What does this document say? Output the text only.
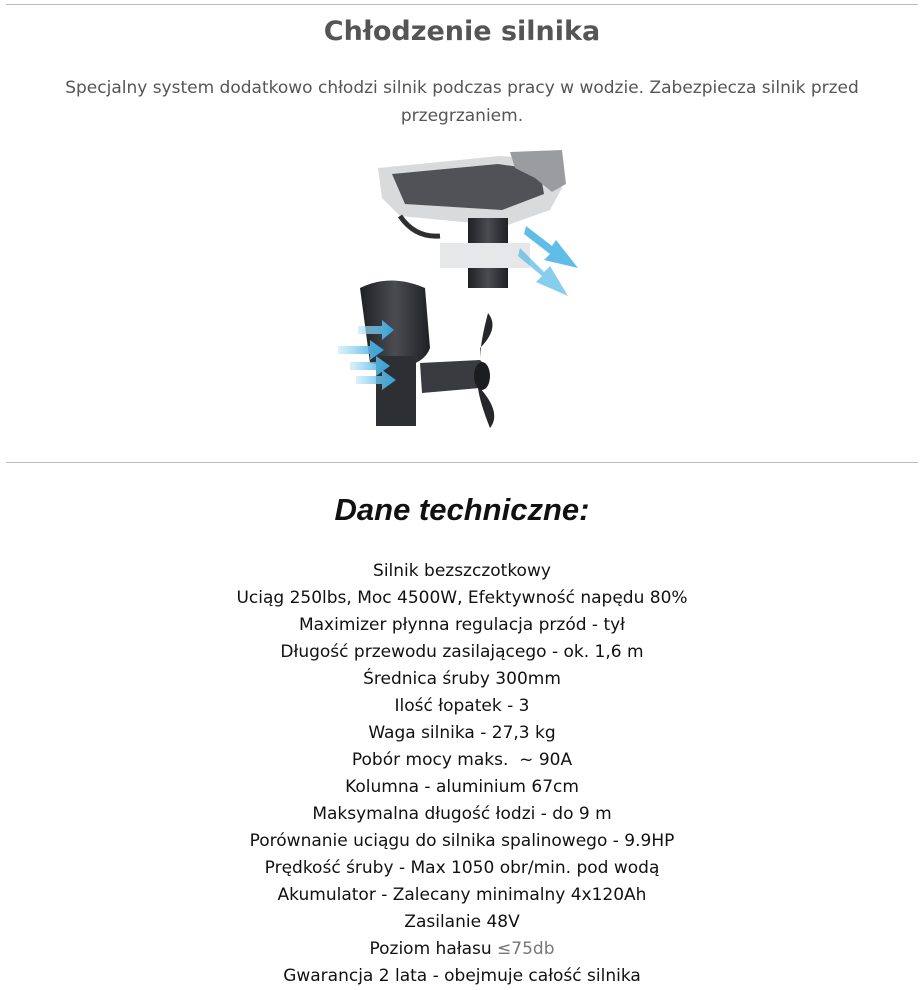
Chłodzenie silnika
Specjalny system dodatkowo chłodzi silnik podczas pracy w wodzie. Zabezpiecza silnik przed przegrzaniem.
Dane techniczne:
Silnik bezszczotkowy
Uciąg 250lbs, Moc 4500W, Efektywność napędu 80%
Maximizer płynna regulacja przód - tył
Długość przewodu zasilającego - ok. 1,6 m
Średnica śruby 300mm
Ilość łopatek - 3
Waga silnika - 27,3 kg
Pobór mocy maks.  ~ 90A
Kolumna - aluminium 67cm
Maksymalna długość łodzi - do 9 m
Porównanie uciągu do silnika spalinowego - 9.9HP
Prędkość śruby - Max 1050 obr/min. pod wodą
Akumulator - Zalecany minimalny 4x120Ah
Zasilanie 48V
Poziom hałasu ≤75db
Gwarancja 2 lata - obejmuje całość silnika
